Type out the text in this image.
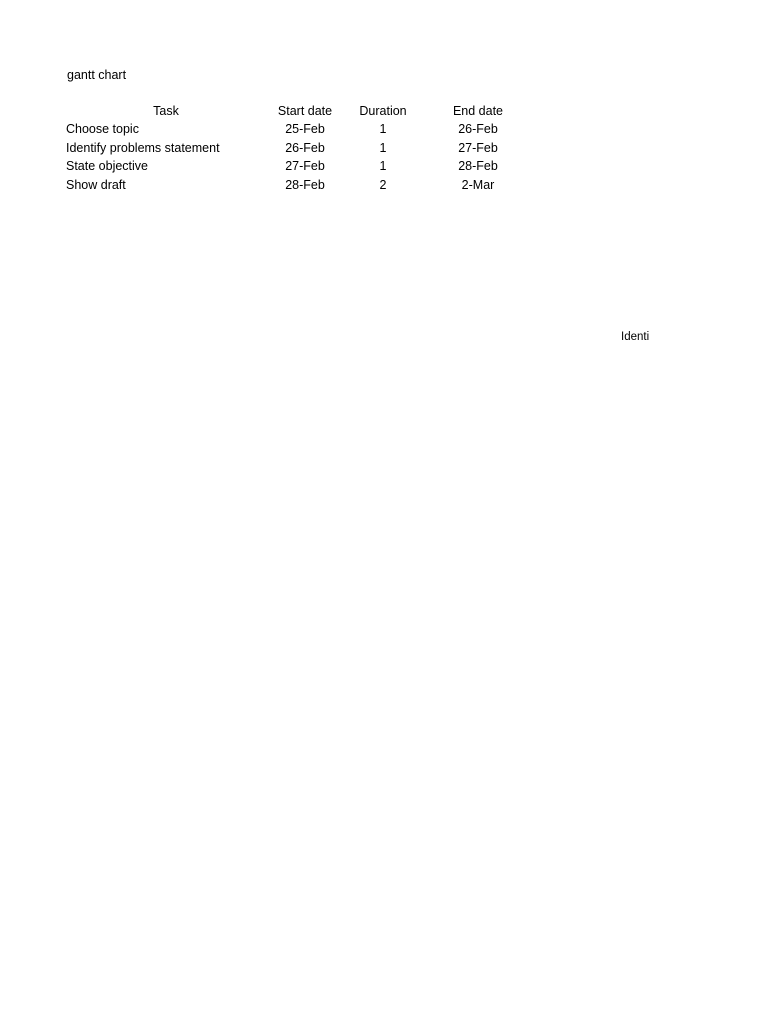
gantt chart
Task	Start date	Duration	End date
Choose topic	25-Feb	1	26-Feb
Identify problems statement	26-Feb	1	27-Feb
State objective	27-Feb	1	28-Feb
Show draft	28-Feb	2	2-Mar
Identi
